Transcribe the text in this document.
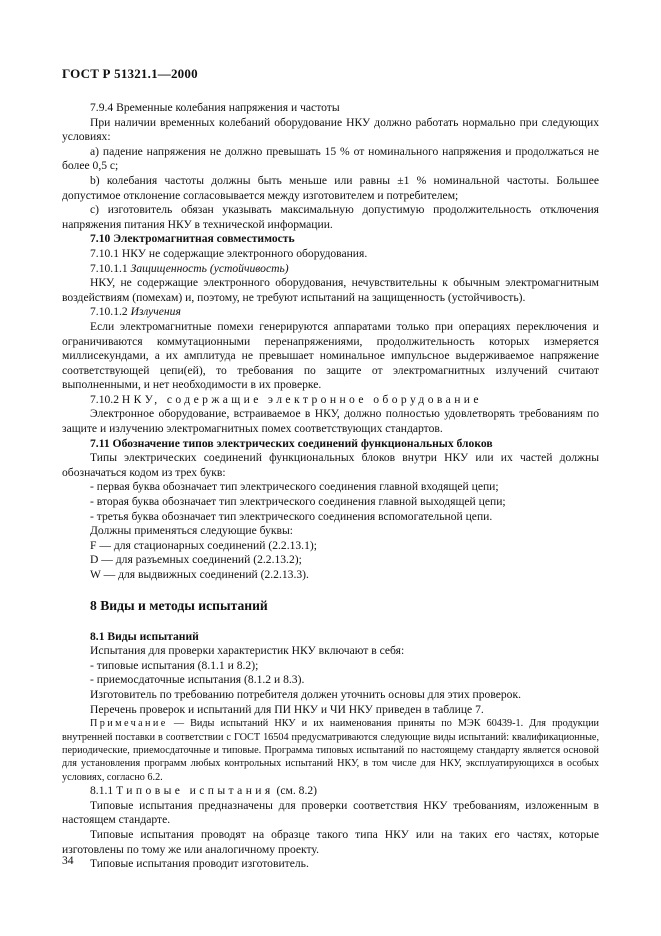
ГОСТ Р 51321.1—2000

7.9.4 Временные колебания напряжения и частоты

При наличии временных колебаний оборудование НКУ должно работать нормально при следующих условиях:

а) падение напряжения не должно превышать 15 % от номинального напряжения и продолжаться не более 0,5 с;

b) колебания частоты должны быть меньше или равны ±1 % номинальной частоты. Большее допустимое отклонение согласовывается между изготовителем и потребителем;

с) изготовитель обязан указывать максимальную допустимую продолжительность отключения напряжения питания НКУ в технической информации.

7.10 Электромагнитная совместимость

7.10.1 НКУ не содержащие электронного оборудования.

7.10.1.1 Защищенность (устойчивость)

НКУ, не содержащие электронного оборудования, нечувствительны к обычным электромагнитным воздействиям (помехам) и, поэтому, не требуют испытаний на защищенность (устойчивость).

7.10.1.2 Излучения

Если электромагнитные помехи генерируются аппаратами только при операциях переключения и ограничиваются коммутационными перенапряжениями, продолжительность которых измеряется миллисекундами, а их амплитуда не превышает номинальное импульсное выдерживаемое напряжение соответствующей цепи(ей), то требования по защите от электромагнитных излучений считают выполненными, и нет необходимости в их проверке.

7.10.2 НКУ, содержащие электронное оборудование

Электронное оборудование, встраиваемое в НКУ, должно полностью удовлетворять требованиям по защите и излучению электромагнитных помех соответствующих стандартов.

7.11 Обозначение типов электрических соединений функциональных блоков

Типы электрических соединений функциональных блоков внутри НКУ или их частей должны обозначаться кодом из трех букв:

- первая буква обозначает тип электрического соединения главной входящей цепи;

- вторая буква обозначает тип электрического соединения главной выходящей цепи;

- третья буква обозначает тип электрического соединения вспомогательной цепи.

Должны применяться следующие буквы:

F — для стационарных соединений (2.2.13.1);

D — для разъемных соединений (2.2.13.2);

W — для выдвижных соединений (2.2.13.3).

8 Виды и методы испытаний

8.1 Виды испытаний

Испытания для проверки характеристик НКУ включают в себя:

- типовые испытания (8.1.1 и 8.2);

- приемосдаточные испытания (8.1.2 и 8.3).

Изготовитель по требованию потребителя должен уточнить основы для этих проверок.

Перечень проверок и испытаний для ПИ НКУ и ЧИ НКУ приведен в таблице 7.

Примечание — Виды испытаний НКУ и их наименования приняты по МЭК 60439-1. Для продукции внутренней поставки в соответствии с ГОСТ 16504 предусматриваются следующие виды испытаний: квалификационные, периодические, приемосдаточные и типовые. Программа типовых испытаний по настоящему стандарту является основой для установления программ любых контрольных испытаний НКУ, в том числе для НКУ, эксплуатирующихся в особых условиях, согласно 6.2.

8.1.1 Типовые испытания (см. 8.2)

Типовые испытания предназначены для проверки соответствия НКУ требованиям, изложенным в настоящем стандарте.

Типовые испытания проводят на образце такого типа НКУ или на таких его частях, которые изготовлены по тому же или аналогичному проекту.

Типовые испытания проводит изготовитель.

34
